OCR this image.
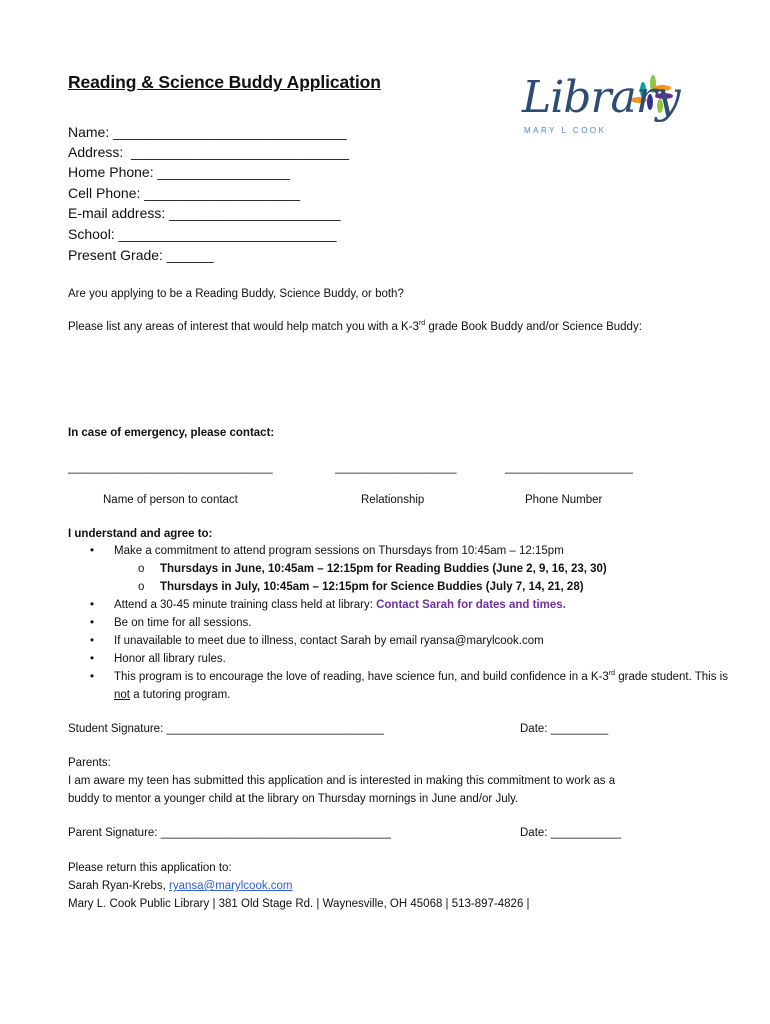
Reading & Science Buddy Application	Library
MARY L COOK
Name: ______________________________
Address:  ____________________________
Home Phone: _________________
Cell Phone: ____________________
E-mail address: ______________________
School: ____________________________
Present Grade: ______
Are you applying to be a Reading Buddy, Science Buddy, or both?
Please list any areas of interest that would help match you with a K-3rd grade Book Buddy and/or Science Buddy:
In case of emergency, please contact:
________________________________	___________________	____________________
Name of person to contact	Relationship	Phone Number
I understand and agree to:
• Make a commitment to attend program sessions on Thursdays from 10:45am – 12:15pm
o Thursdays in June, 10:45am – 12:15pm for Reading Buddies (June 2, 9, 16, 23, 30)
o Thursdays in July, 10:45am – 12:15pm for Science Buddies (July 7, 14, 21, 28)
• Attend a 30-45 minute training class held at library: Contact Sarah for dates and times.
• Be on time for all sessions.
• If unavailable to meet due to illness, contact Sarah by email ryansa@marylcook.com
• Honor all library rules.
• This program is to encourage the love of reading, have science fun, and build confidence in a K-3rd grade student. This is not a tutoring program.
Student Signature: __________________________________	Date: _________
Parents:
I am aware my teen has submitted this application and is interested in making this commitment to work as a
buddy to mentor a younger child at the library on Thursday mornings in June and/or July.
Parent Signature: ____________________________________	Date: ___________
Please return this application to:
Sarah Ryan-Krebs, ryansa@marylcook.com
Mary L. Cook Public Library | 381 Old Stage Rd. | Waynesville, OH 45068 | 513-897-4826 |
